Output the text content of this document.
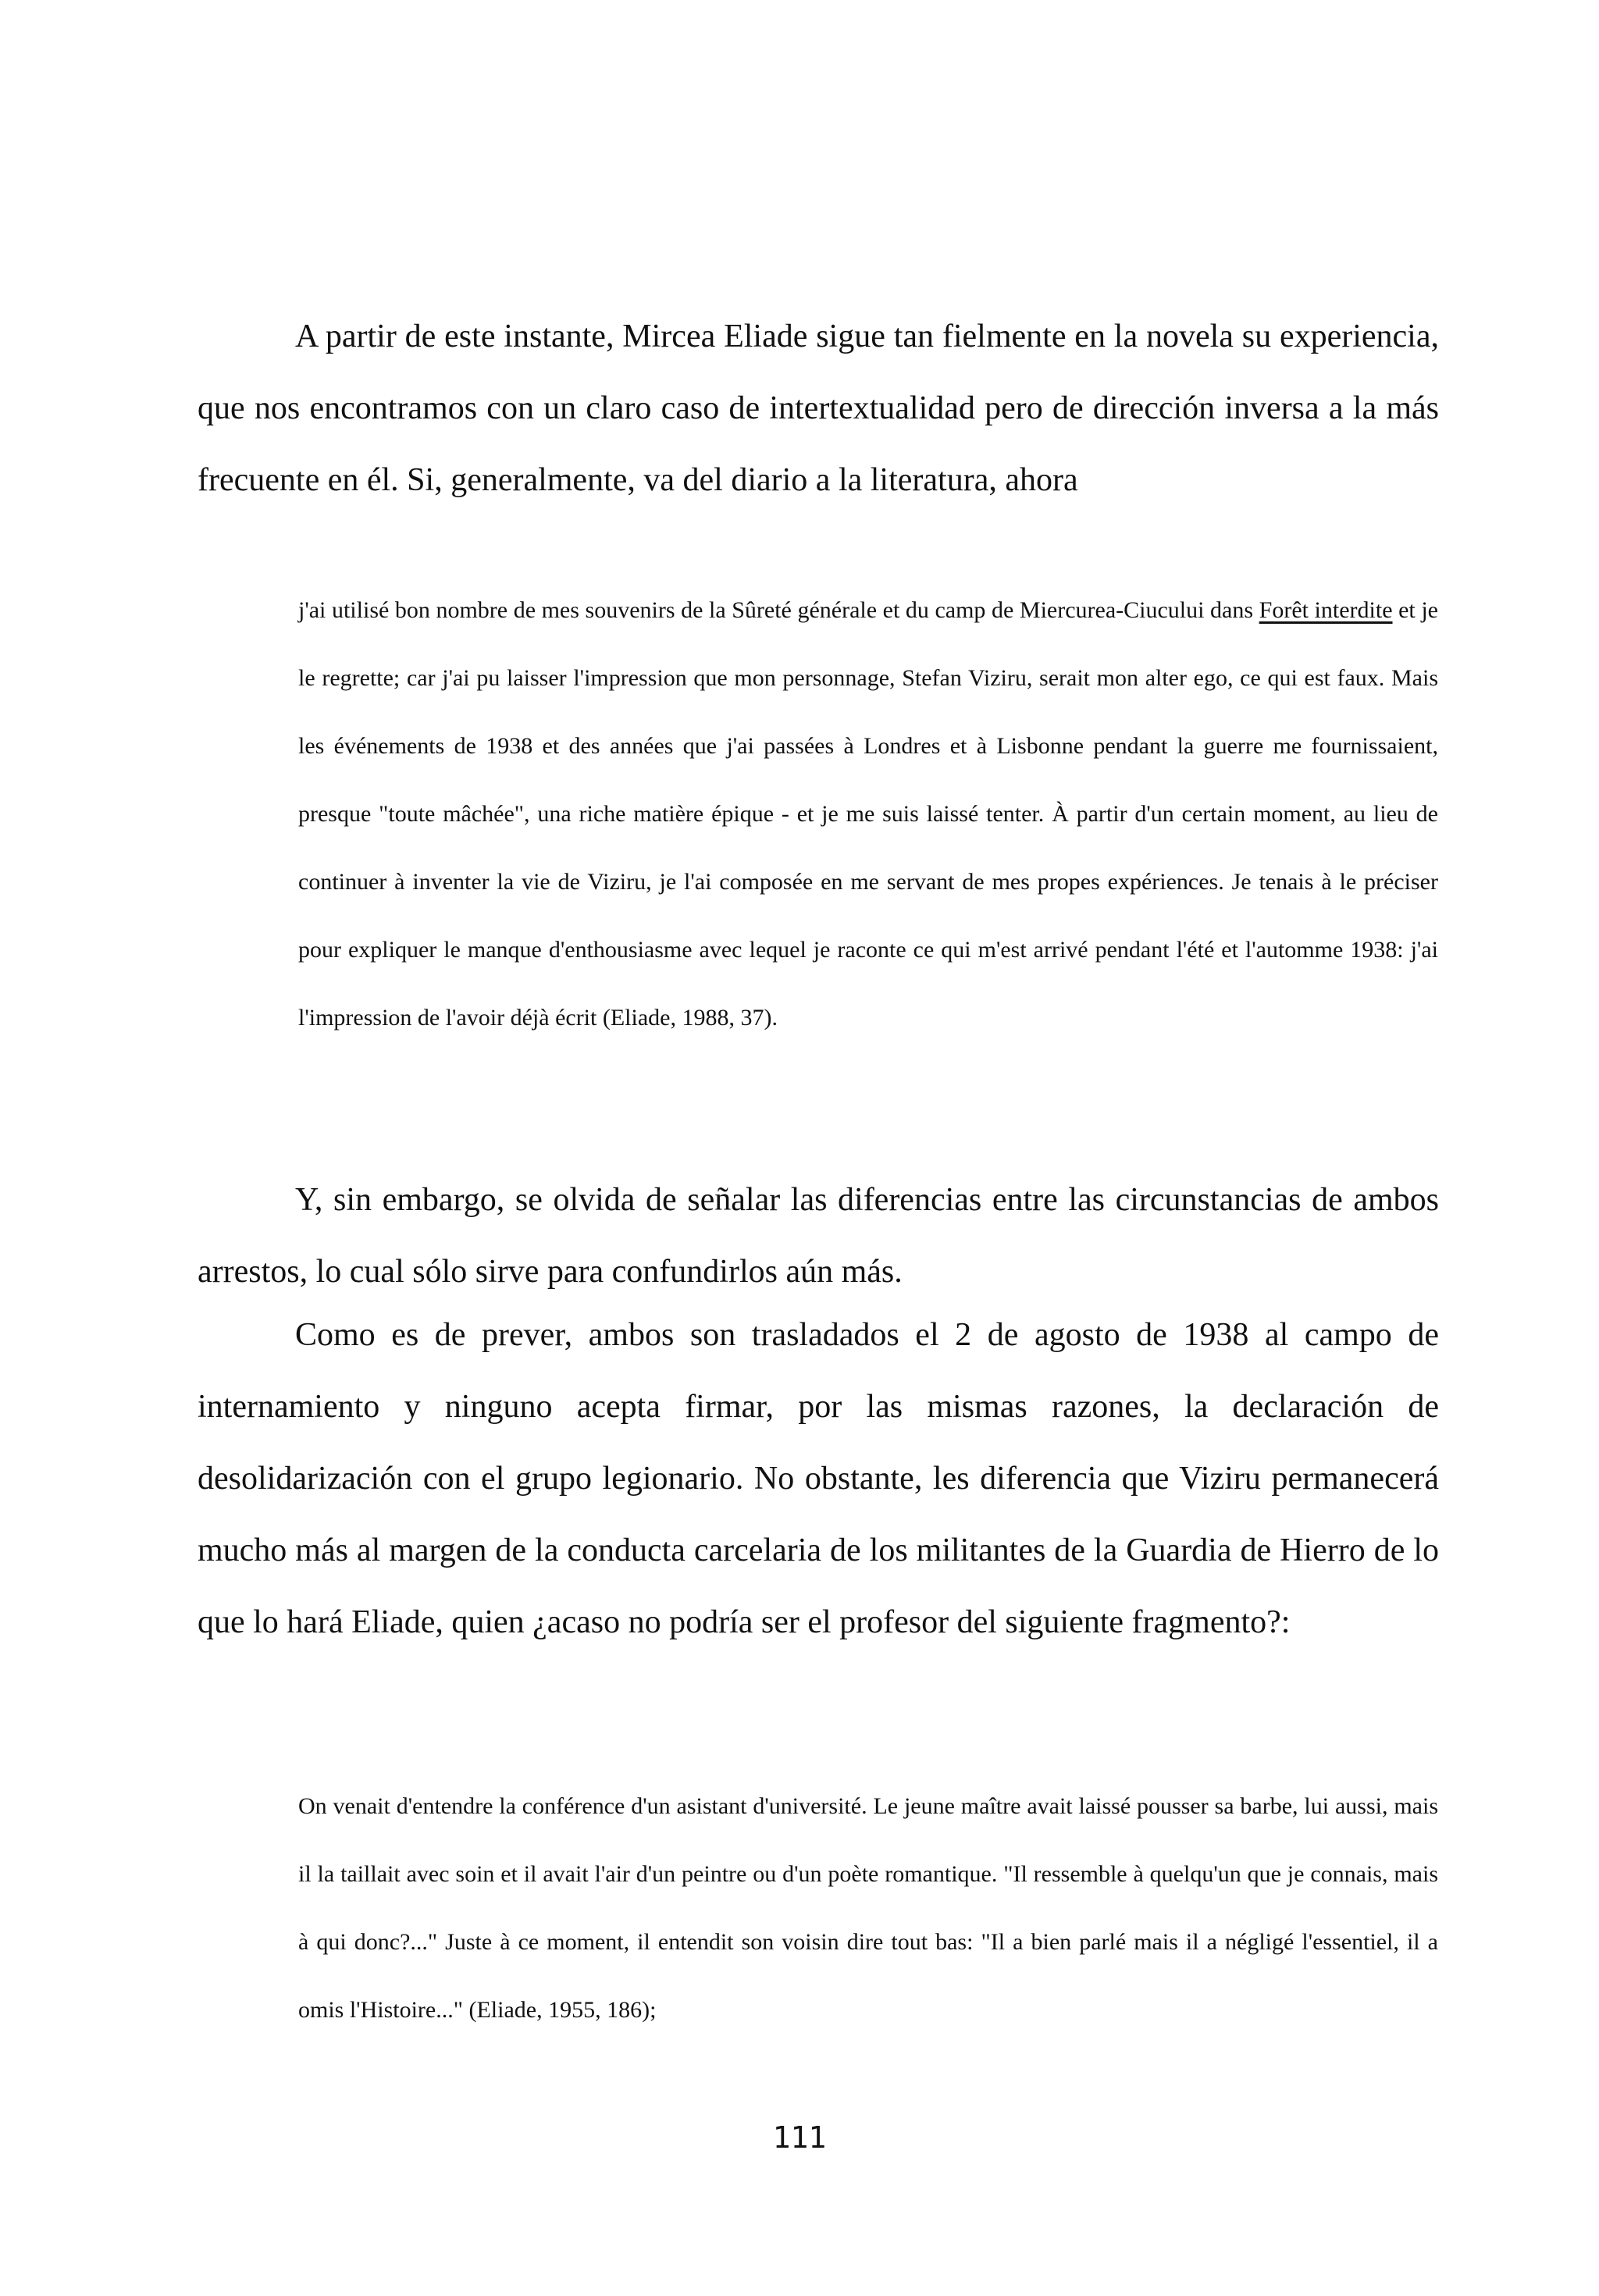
A partir de este instante, Mircea Eliade sigue tan fielmente en la novela su experiencia, que nos encontramos con un claro caso de intertextualidad pero de dirección inversa a la más frecuente en él. Si, generalmente, va del diario a la literatura, ahora

j'ai utilisé bon nombre de mes souvenirs de la Sûreté générale et du camp de Miercurea-Ciucului dans Forêt interdite et je le regrette; car j'ai pu laisser l'impression que mon personnage, Stefan Viziru, serait mon alter ego, ce qui est faux. Mais les événements de 1938 et des années que j'ai passées à Londres et à Lisbonne pendant la guerre me fournissaient, presque "toute mâchée", una riche matière épique - et je me suis laissé tenter. À partir d'un certain moment, au lieu de continuer à inventer la vie de Viziru, je l'ai composée en me servant de mes propes expériences. Je tenais à le préciser pour expliquer le manque d'enthousiasme avec lequel je raconte ce qui m'est arrivé pendant l'été et l'automme 1938: j'ai l'impression de l'avoir déjà écrit (Eliade, 1988, 37).

Y, sin embargo, se olvida de señalar las diferencias entre las circunstancias de ambos arrestos, lo cual sólo sirve para confundirlos aún más.

Como es de prever, ambos son trasladados el 2 de agosto de 1938 al campo de internamiento y ninguno acepta firmar, por las mismas razones, la declaración de desolidarización con el grupo legionario. No obstante, les diferencia que Viziru permanecerá mucho más al margen de la conducta carcelaria de los militantes de la Guardia de Hierro de lo que lo hará Eliade, quien ¿acaso no podría ser el profesor del siguiente fragmento?:

On venait d'entendre la conférence d'un asistant d'université. Le jeune maître avait laissé pousser sa barbe, lui aussi, mais il la taillait avec soin et il avait l'air d'un peintre ou d'un poète romantique. "Il ressemble à quelqu'un que je connais, mais à qui donc?..." Juste à ce moment, il entendit son voisin dire tout bas: "Il a bien parlé mais il a négligé l'essentiel, il a omis l'Histoire..." (Eliade, 1955, 186);

111
